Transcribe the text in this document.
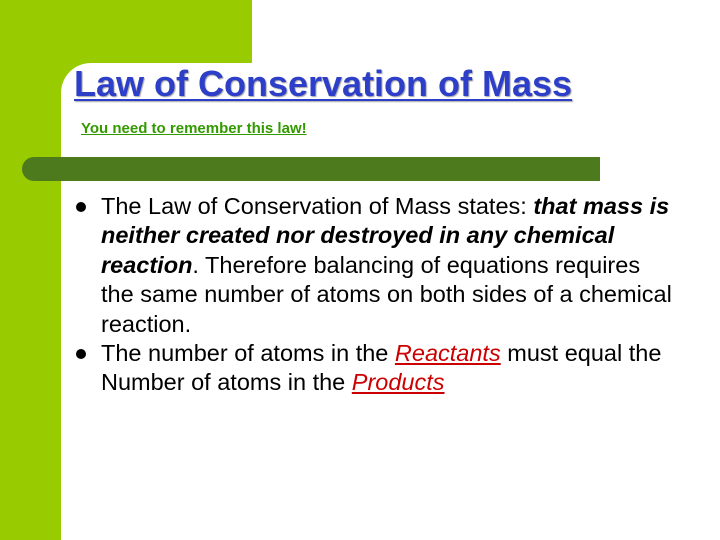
Law of Conservation of Mass
You need to remember this law!
The Law of Conservation of Mass states: that mass is neither created nor destroyed in any chemical reaction. Therefore balancing of equations requires the same number of atoms on both sides of a chemical reaction.
The number of atoms in the Reactants must equal the Number of atoms in the Products
